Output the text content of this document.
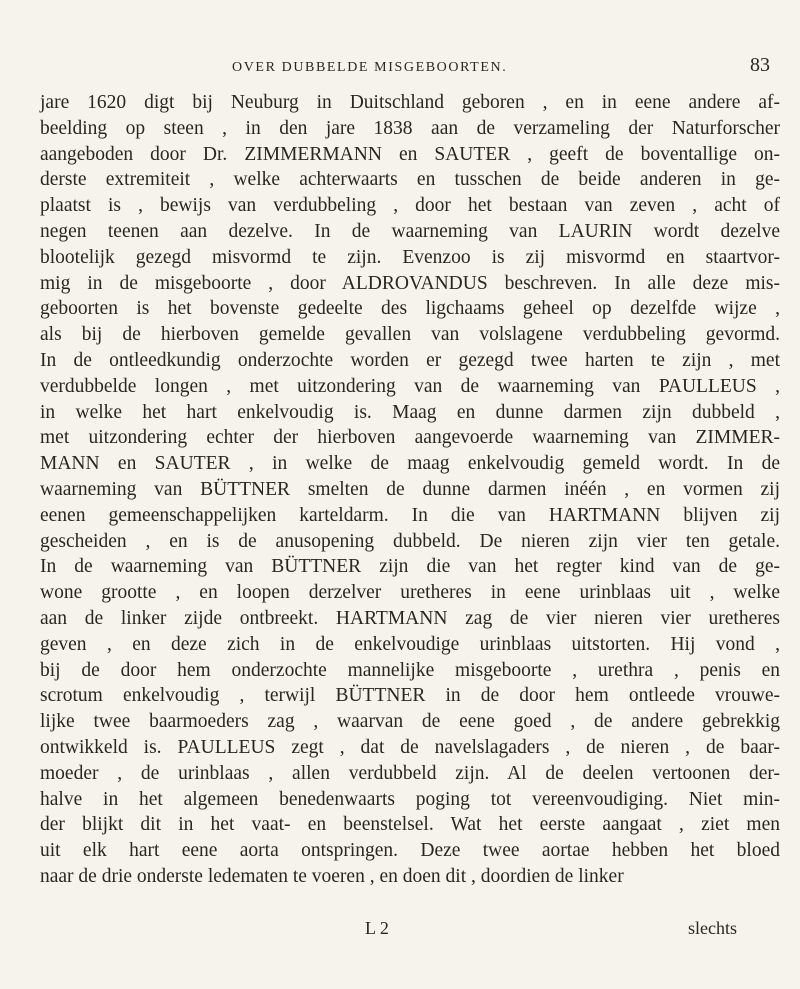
OVER DUBBELDE MISGEBOORTEN.	83
jare 1620 digt bij Neuburg in Duitschland geboren , en in eene andere af-
beelding op steen , in den jare 1838 aan de verzameling der Naturforscher
aangeboden door Dr. ZIMMERMANN en SAUTER , geeft de boventallige on-
derste extremiteit , welke achterwaarts en tusschen de beide anderen in ge-
plaatst is , bewijs van verdubbeling , door het bestaan van zeven , acht of
negen teenen aan dezelve. In de waarneming van LAURIN wordt dezelve
blootelijk gezegd misvormd te zijn. Evenzoo is zij misvormd en staartvor-
mig in de misgeboorte , door ALDROVANDUS beschreven. In alle deze mis-
geboorten is het bovenste gedeelte des ligchaams geheel op dezelfde wijze ,
als bij de hierboven gemelde gevallen van volslagene verdubbeling gevormd.
In de ontleedkundig onderzochte worden er gezegd twee harten te zijn , met
verdubbelde longen , met uitzondering van de waarneming van PAULLEUS ,
in welke het hart enkelvoudig is. Maag en dunne darmen zijn dubbeld ,
met uitzondering echter der hierboven aangevoerde waarneming van ZIMMER-
MANN en SAUTER , in welke de maag enkelvoudig gemeld wordt. In de
waarneming van BÜTTNER smelten de dunne darmen inéén , en vormen zij
eenen gemeenschappelijken karteldarm. In die van HARTMANN blijven zij
gescheiden , en is de anusopening dubbeld. De nieren zijn vier ten getale.
In de waarneming van BÜTTNER zijn die van het regter kind van de ge-
wone grootte , en loopen derzelver uretheres in eene urinblaas uit , welke
aan de linker zijde ontbreekt. HARTMANN zag de vier nieren vier uretheres
geven , en deze zich in de enkelvoudige urinblaas uitstorten. Hij vond ,
bij de door hem onderzochte mannelijke misgeboorte , urethra , penis en
scrotum enkelvoudig , terwijl BÜTTNER in de door hem ontleede vrouwe-
lijke twee baarmoeders zag , waarvan de eene goed , de andere gebrekkig
ontwikkeld is. PAULLEUS zegt , dat de navelslagaders , de nieren , de baar-
moeder , de urinblaas , allen verdubbeld zijn. Al de deelen vertoonen der-
halve in het algemeen benedenwaarts poging tot vereenvoudiging. Niet min-
der blijkt dit in het vaat- en beenstelsel. Wat het eerste aangaat , ziet men
uit elk hart eene aorta ontspringen. Deze twee aortae hebben het bloed
naar de drie onderste ledematen te voeren , en doen dit , doordien de linker
L 2	slechts
